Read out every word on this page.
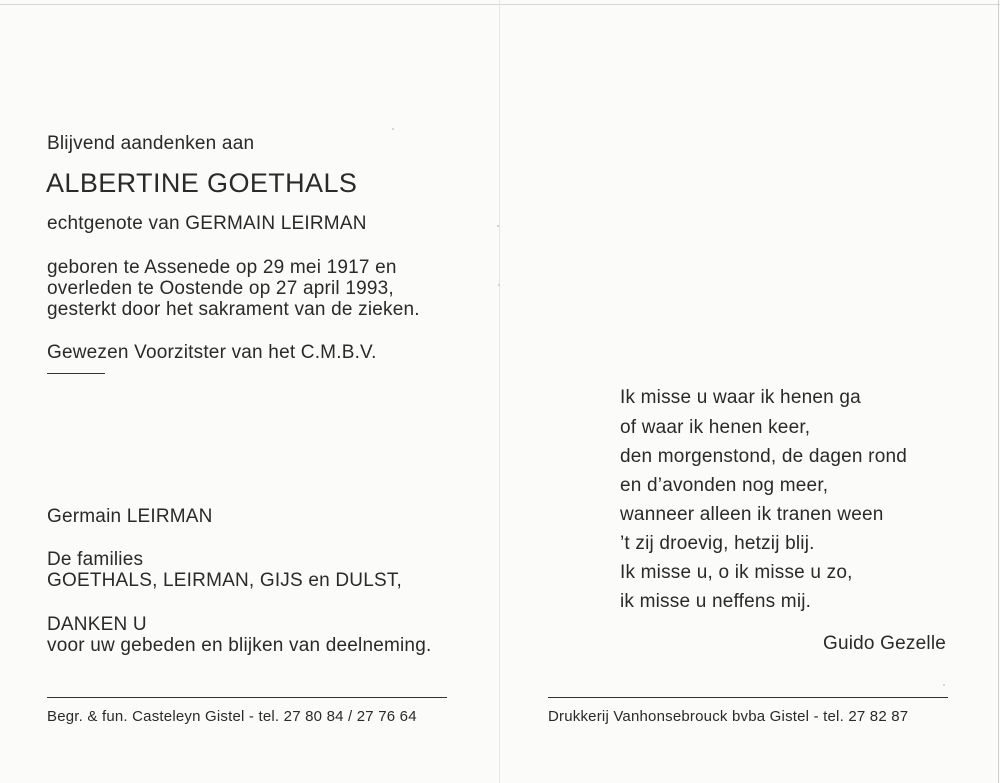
Blijvend aandenken aan
ALBERTINE GOETHALS
echtgenote van GERMAIN LEIRMAN
geboren te Assenede op 29 mei 1917 en
overleden te Oostende op 27 april 1993,
gesterkt door het sakrament van de zieken.
Gewezen Voorzitster van het C.M.B.V.
Germain LEIRMAN
De families
GOETHALS, LEIRMAN, GIJS en DULST,
DANKEN U
voor uw gebeden en blijken van deelneming.
Begr. & fun. Casteleyn Gistel - tel. 27 80 84 / 27 76 64
Ik misse u waar ik henen ga
of waar ik henen keer,
den morgenstond, de dagen rond
en d’avonden nog meer,
wanneer alleen ik tranen ween
’t zij droevig, hetzij blij.
Ik misse u, o ik misse u zo,
ik misse u neffens mij.
Guido Gezelle
Drukkerij Vanhonsebrouck bvba Gistel - tel. 27 82 87
